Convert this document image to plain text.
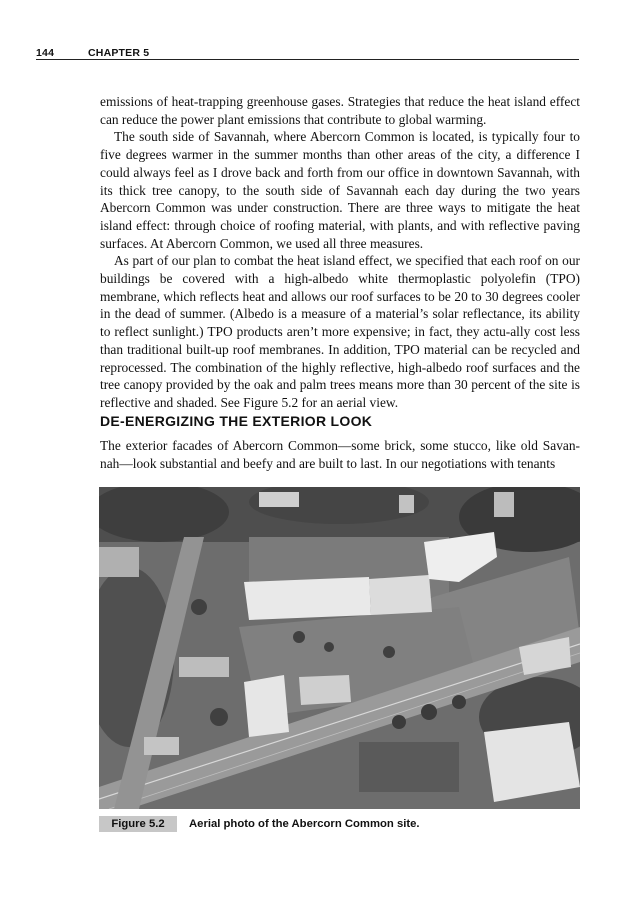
144	CHAPTER 5

emissions of heat-trapping greenhouse gases. Strategies that reduce the heat island effect can reduce the power plant emissions that contribute to global warming.

The south side of Savannah, where Abercorn Common is located, is typically four to five degrees warmer in the summer months than other areas of the city, a difference I could always feel as I drove back and forth from our office in downtown Savannah, with its thick tree canopy, to the south side of Savannah each day during the two years Abercorn Common was under construction. There are three ways to mitigate the heat island effect: through choice of roofing material, with plants, and with reflective paving surfaces. At Abercorn Common, we used all three measures.

As part of our plan to combat the heat island effect, we specified that each roof on our buildings be covered with a high-albedo white thermoplastic polyolefin (TPO) membrane, which reflects heat and allows our roof surfaces to be 20 to 30 degrees cooler in the dead of summer. (Albedo is a measure of a material’s solar reflectance, its ability to reflect sunlight.) TPO products aren’t more expensive; in fact, they actu-ally cost less than traditional built-up roof membranes. In addition, TPO material can be recycled and reprocessed. The combination of the highly reflective, high-albedo roof surfaces and the tree canopy provided by the oak and palm trees means more than 30 percent of the site is reflective and shaded. See Figure 5.2 for an aerial view.

DE-ENERGIZING THE EXTERIOR LOOK

The exterior facades of Abercorn Common—some brick, some stucco, like old Savan-nah—look substantial and beefy and are built to last. In our negotiations with tenants

Figure 5.2	Aerial photo of the Abercorn Common site.
